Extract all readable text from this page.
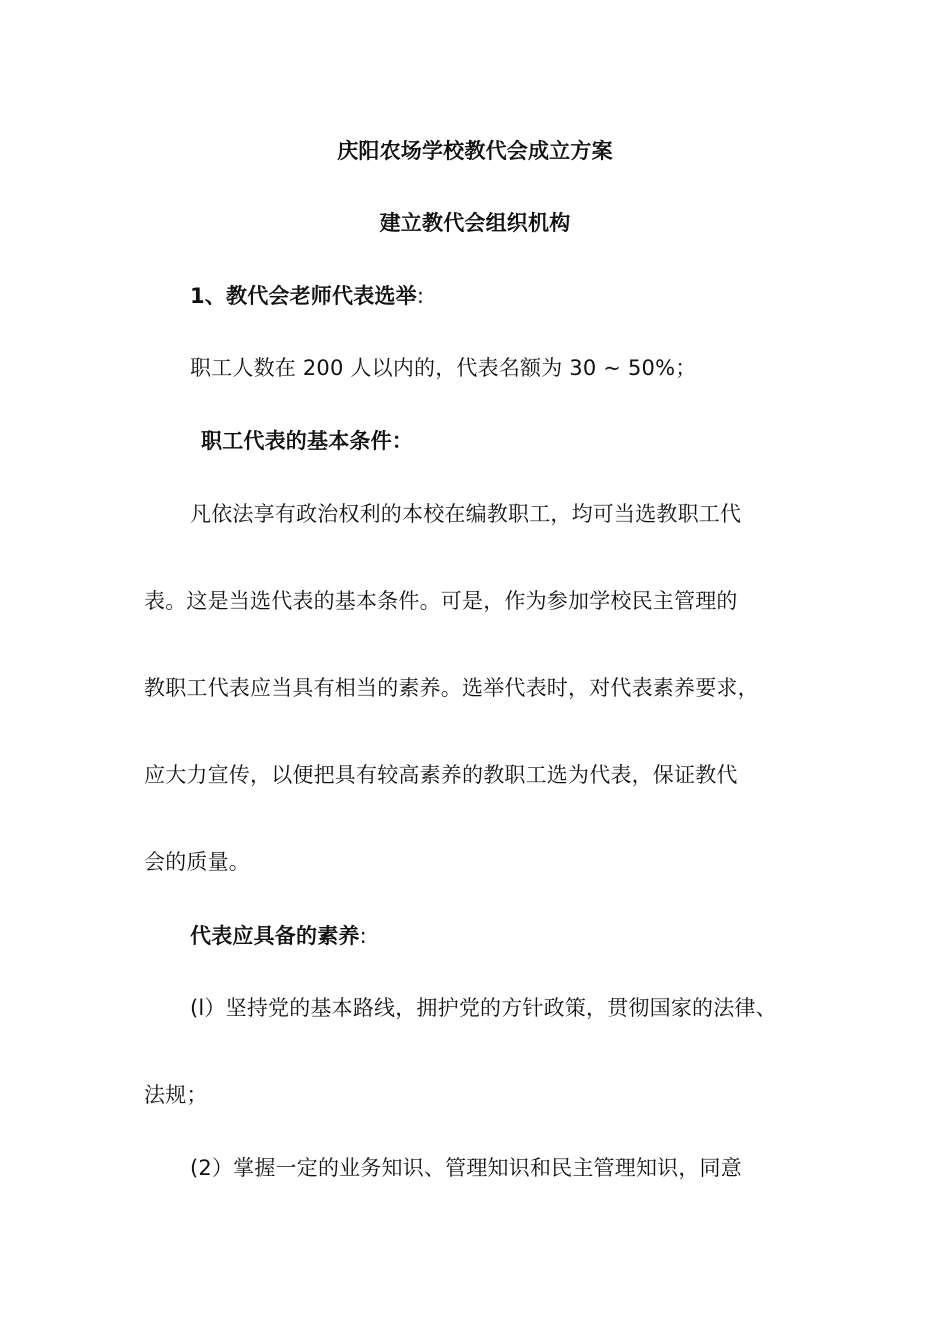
庆阳农场学校教代会成立方案
建立教代会组织机构
1、教代会老师代表选举:
职工人数在 200 人以内的，代表名额为 30 ~ 50%；
职工代表的基本条件：
凡依法享有政治权利的本校在编教职工，均可当选教职工代
表。这是当选代表的基本条件。可是，作为参加学校民主管理的
教职工代表应当具有相当的素养。选举代表时，对代表素养要求，
应大力宣传，以便把具有较高素养的教职工选为代表，保证教代
会的质量。
代表应具备的素养:
(l）坚持党的基本路线，拥护党的方针政策，贯彻国家的法律、
法规；
(2）掌握一定的业务知识、管理知识和民主管理知识，同意
